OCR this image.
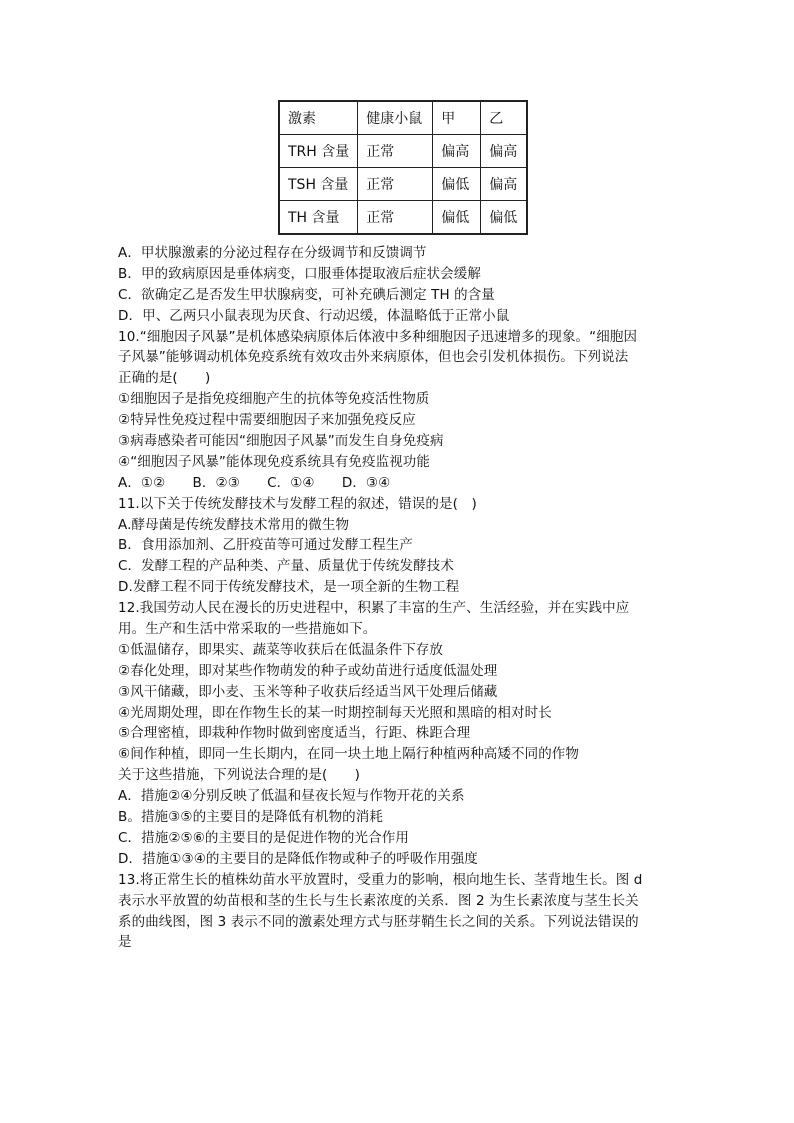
激素	健康小鼠	甲	乙
TRH 含量	正常	偏高	偏高
TSH 含量	正常	偏低	偏高
TH 含量	正常	偏低	偏低
A．甲状腺激素的分泌过程存在分级调节和反馈调节
B．甲的致病原因是垂体病变，口服垂体提取液后症状会缓解
C．欲确定乙是否发生甲状腺病变，可补充碘后测定 TH 的含量
D．甲、乙两只小鼠表现为厌食、行动迟缓，体温略低于正常小鼠
10.“细胞因子风暴”是机体感染病原体后体液中多种细胞因子迅速增多的现象。“细胞因
子风暴”能够调动机体免疫系统有效攻击外来病原体，但也会引发机体损伤。下列说法
正确的是(　　)
①细胞因子是指免疫细胞产生的抗体等免疫活性物质
②特异性免疫过程中需要细胞因子来加强免疫反应
③病毒感染者可能因“细胞因子风暴”而发生自身免疫病
④“细胞因子风暴”能体现免疫系统具有免疫监视功能
A．①②　　B．②③　　C．①④　　D．③④
11.以下关于传统发酵技术与发酵工程的叙述，错误的是(　)
A.酵母菌是传统发酵技术常用的微生物
B．食用添加剂、乙肝疫苗等可通过发酵工程生产
C．发酵工程的产品种类、产量、质量优于传统发酵技术
D.发酵工程不同于传统发酵技术，是一项全新的生物工程
12.我国劳动人民在漫长的历史进程中，积累了丰富的生产、生活经验，并在实践中应
用。生产和生活中常采取的一些措施如下。
①低温储存，即果实、蔬菜等收获后在低温条件下存放
②春化处理，即对某些作物萌发的种子或幼苗进行适度低温处理
③风干储藏，即小麦、玉米等种子收获后经适当风干处理后储藏
④光周期处理，即在作物生长的某一时期控制每天光照和黑暗的相对时长
⑤合理密植，即栽种作物时做到密度适当，行距、株距合理
⑥间作种植，即同一生长期内，在同一块土地上隔行种植两种高矮不同的作物
关于这些措施，下列说法合理的是(　　)
A．措施②④分别反映了低温和昼夜长短与作物开花的关系
B。措施③⑤的主要目的是降低有机物的消耗
C．措施②⑤⑥的主要目的是促进作物的光合作用
D．措施①③④的主要目的是降低作物或种子的呼吸作用强度
13.将正常生长的植株幼苗水平放置时，受重力的影响，根向地生长、茎背地生长。图 d
表示水平放置的幼苗根和茎的生长与生长素浓度的关系．图 2 为生长素浓度与茎生长关
系的曲线图，图 3 表示不同的激素处理方式与胚芽鞘生长之间的关系。下列说法错误的
是
